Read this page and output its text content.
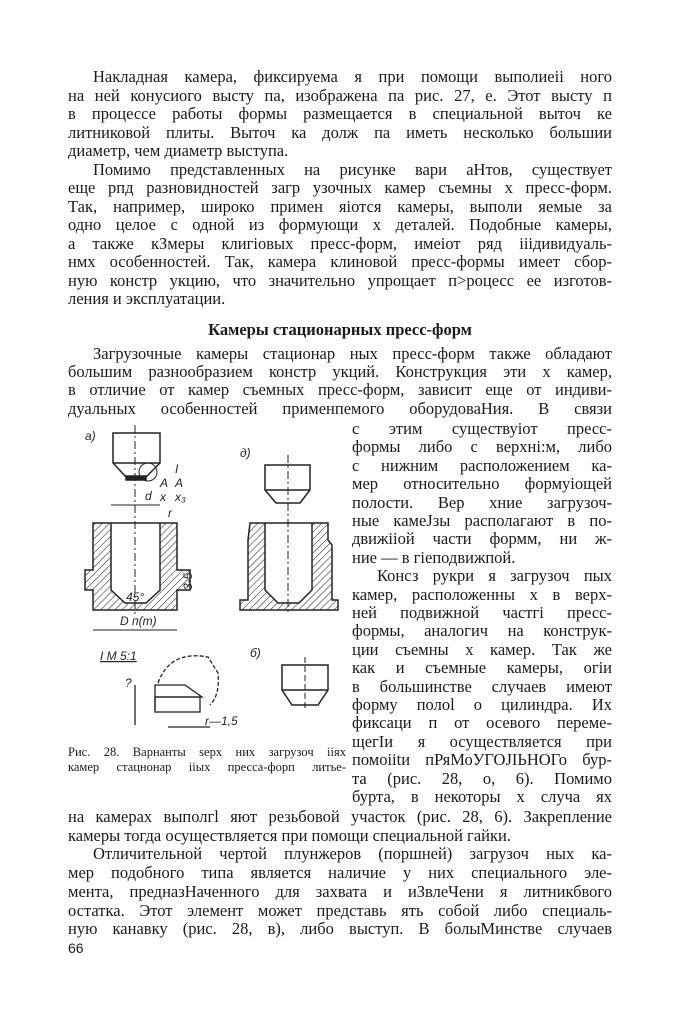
Накладная камера, фиксируема я при помощи выполиеіі ного
на ней конусиого высту па, изображена па рис. 27, е. Этот высту п
в процессе работы формы размещается в специальной выточ ке
литниковой плиты. Выточ ка долж па иметь несколько большии
диаметр, чем диаметр выступа.
Помимо представленных на рисунке вари аНтов, существует
еще рпд разновидностей загр узочных камер съемны х пресс-форм.
Так, например, широко примен яіотся камеры, выполи яемые за
одно целое с одной из формующи х деталей. Подобные камеры,
а также кЗмеры клигіовых пресс-форм, имеіот ряд ііідивидуаль-
нмх особенностей. Так, камера клиновой пресс-формы имеет сбор-
ную констр укцию, что значительно упрощает п>роцесс ее изготов-
ления и эксплуатации.
Загрузочные камеры стационар ных пресс-форм также обладают
большим разнообразием констр укций. Конструкция эти х камер,
в отличие от камер съемных пресс-форм, зависит еще от индиви-
дуальных особенностей применпемого оборудоваНия. В связи
с этим существуіот пресс-
формы либо с верхні:м, либо
с нижним расположением ка-
мер относительно формуіощей
полости. Вер хние загрузоч-
ные камеЈзы располагают в по-
движііой части формм, ни ж-
ние — в гіеподвижпой.
Консз рукри я загрузоч пых
камер, расположенны х в верх-
ней подвижной частгі пресс-
формы, аналогич на конструк-
ции съемны х камер. Так же
как и съемные камеры, огіи
в большинстве случаев имеют
форму полоl о цилиндра. Их
фиксаци п от осевого переме-
щегІи я осуществляется при
помоііtи пРяМоУГОЈІЬНОГо бур-
та (рис. 28, о, 6). Помимо
бурта, в некоторы х случа ях
на камерах выполгl яют резьбовой участок (рис. 28, 6). Закрепление
камеры тогда осуществляется при помощи специальной гайки.
Отличительной чертой плунжеров (поршней) загрузоч ных ка-
мер подобного типа является наличие у них специального эле-
мента, предназНаченного для захвата и иЗвлеЧени я литникбвого
остатка. Этот элемент может представь ять собой либо специаль-
ную канавку (рис. 28, в), либо выступ. В болыМинстве случаев
Камеры стационарных пресс-форм
а)
д)
б)
I
d
А А
х х₃
r
45°
D п(т)
3-5
I М 5:1
r—1,5
?
Рис. 28. Варнанты ѕерх них загрузоч ііях
камер стацнонар ііых пресса-форп литье-
66
